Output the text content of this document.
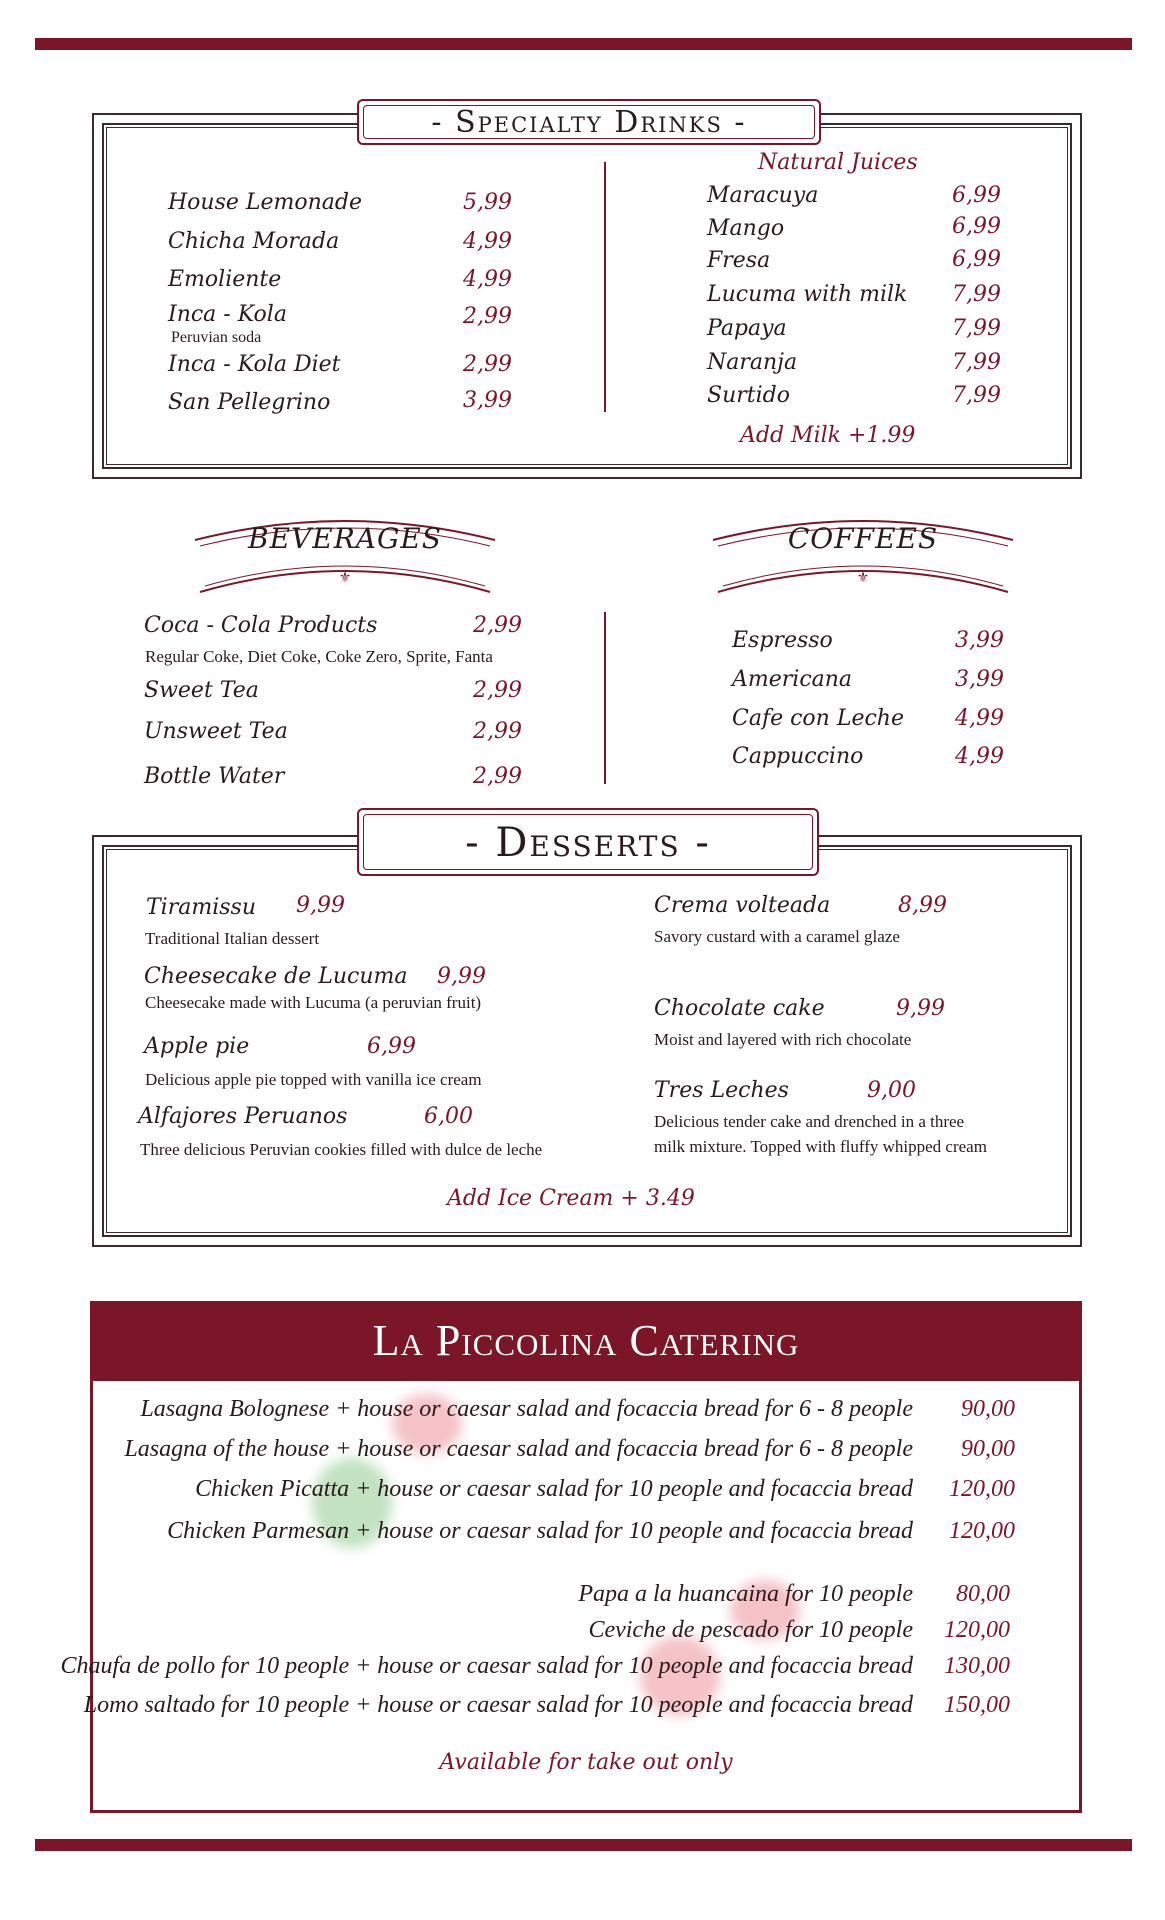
- Specialty Drinks -
House Lemonade	5,99
Chicha Morada	4,99
Emoliente	4,99
Inca - Kola	2,99
Peruvian soda
Inca - Kola Diet	2,99
San Pellegrino	3,99
Natural Juices
Maracuya	6,99
Mango	6,99
Fresa	6,99
Lucuma with milk 7,99
Papaya	7,99
Naranja	7,99
Surtido	7,99
Add Milk +1.99
⚜
BEVERAGES
⚜
COFFEES
Coca - Cola Products	2,99
Regular Coke, Diet Coke, Coke Zero, Sprite, Fanta
Sweet Tea	2,99
Unsweet Tea	2,99
Bottle Water	2,99
Espresso	3,99
Americana	3,99
Cafe con Leche 4,99
Cappuccino	4,99
- Desserts -
Tiramissu 9,99
Traditional Italian dessert
Cheesecake de Lucuma 9,99
Cheesecake made with Lucuma (a peruvian fruit)
Apple pie	6,99
Delicious apple pie topped with vanilla ice cream
Alfajores Peruanos	6,00
Three delicious Peruvian cookies filled with dulce de leche
Crema volteada	8,99
Savory custard with a caramel glaze
Chocolate cake	9,99
Moist and layered with rich chocolate
Tres Leches	9,00
Delicious tender cake and drenched in a three
milk mixture. Topped with fluffy whipped cream
Add Ice Cream + 3.49
La Piccolina Catering
Lasagna Bolognese + house or caesar salad and focaccia bread for 6 - 8 people	90,00
Lasagna of the house + house or caesar salad and focaccia bread for 6 - 8 people	90,00
Chicken Picatta + house or caesar salad for 10 people and focaccia bread	120,00
Chicken Parmesan + house or caesar salad for 10 people and focaccia bread	120,00
Papa a la huancaina for 10 people	80,00
Ceviche de pescado for 10 people	120,00
Chaufa de pollo for 10 people + house or caesar salad for 10 people and focaccia bread	130,00
Lomo saltado for 10 people + house or caesar salad for 10 people and focaccia bread	150,00
Available for take out only
